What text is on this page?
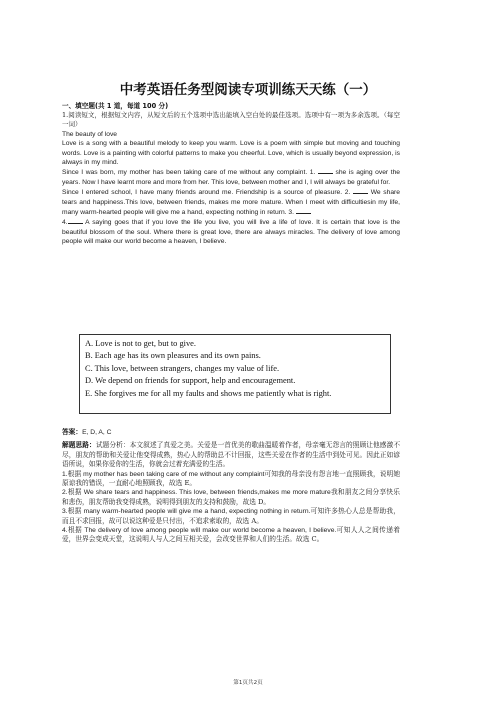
中考英语任务型阅读专项训练天天练（一）
一、填空题(共 1 道，每道 100 分)

1.阅读短文，根据短文内容，从短文后的五个选项中选出能填入空白处的最佳选项。选项中有一项为多余选项。（每空一词）

The beauty of love

Love is a song with a beautiful melody to keep you warm. Love is a poem with simple but moving and touching words. Love is a painting with colorful patterns to make you cheerful. Love, which is usually beyond expression, is always in my mind.

Since I was born, my mother has been taking care of me without any complaint. 1.	she is aging over the years. Now I have learnt more and more from her. This love, between mother and I, I will always be grateful for.

Since I entered school, I have many friends around me. Friendship is a source of pleasure. 2.	We share tears and happiness.This love, between friends, makes me more mature. When I meet with difficultiesin my life, many warm-hearted people will give me a hand, expecting nothing in return. 3.

4.	A saying goes that if you love the life you live, you will live a life of love. It is certain that love is the beautiful blossom of the soul. Where there is great love, there are always miracles. The delivery of love among people will make our world become a heaven, I believe.

A. Love is not to get, but to give.
B. Each age has its own pleasures and its own pains.
C. This love, between strangers, changes my value of life.
D. We depend on friends for support, help and encouragement.
E. She forgives me for all my faults and shows me patiently what is right.

答案：E, D, A, C

解题思路：试题分析：本文叙述了真爱之美。关爱是一首优美的歌曲温暖着作者，母亲毫无怨言的照顾让他感激不尽，朋友的帮助和关爱让他变得成熟，热心人的帮助总不计回报，这些关爱在作者的生活中到处可见。因此正如谚语所说，如果你爱你的生活，你就会过着充满爱的生活。

1.根据 my mother has been taking care of me without any complaint可知我的母亲没有怨言地一直照顾我，说明她原谅我的错误，一直耐心地照顾我，故选 E。

2.根据 We share tears and happiness. This love, between friends,makes me more mature我和朋友之间分享快乐和悲伤，朋友帮助我变得成熟，说明得到朋友的支持和鼓励，故选 D。

3.根据 many warm-hearted people will give me a hand, expecting nothing in return.可知许多热心人总是帮助我，而且不求回报，故可以说这种爱是只付出，不追求索取的，故选 A。

4.根据 The delivery of love among people will make our world become a heaven, I believe.可知人人之间传递着爱，世界会变成天堂，这说明人与人之间互相关爱，会改变世界和人们的生活。故选 C。

第1页共2页
